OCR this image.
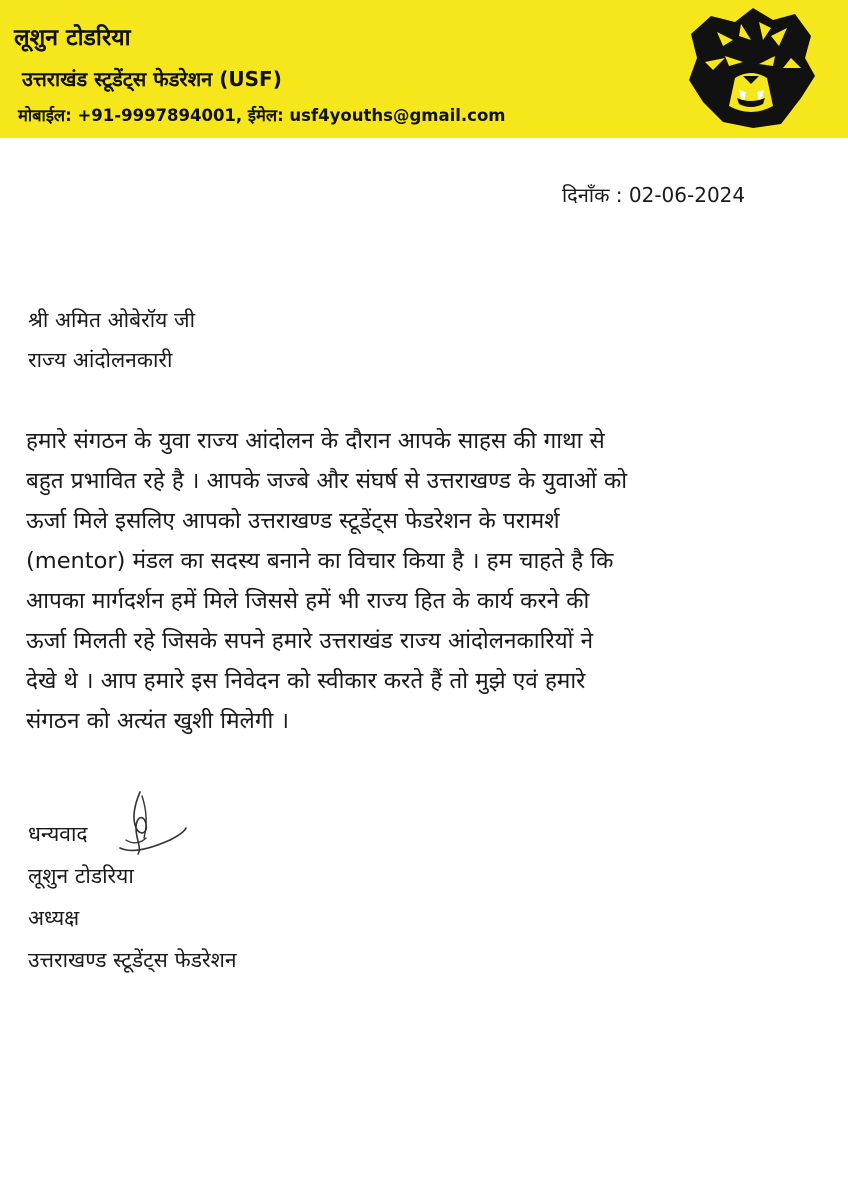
लूशुन टोडरिया
उत्तराखंड स्टूडेंट्स फेडरेशन (USF)
मोबाईल: +91-9997894001, ईमेल: usf4youths@gmail.com
दिनाँक : 02-06-2024
श्री अमित ओबेरॉय जी
राज्य आंदोलनकारी

हमारे संगठन के युवा राज्य आंदोलन के दौरान आपके साहस की गाथा से
बहुत प्रभावित रहे है । आपके जज्बे और संघर्ष से उत्तराखण्ड के युवाओं को
ऊर्जा मिले इसलिए आपको उत्तराखण्ड स्टूडेंट्स फेडरेशन के परामर्श
(mentor) मंडल का सदस्य बनाने का विचार किया है । हम चाहते है कि
आपका मार्गदर्शन हमें मिले जिससे हमें भी राज्य हित के कार्य करने की
ऊर्जा मिलती रहे जिसके सपने हमारे उत्तराखंड राज्य आंदोलनकारियों ने
देखे थे । आप हमारे इस निवेदन को स्वीकार करते हैं तो मुझे एवं हमारे
संगठन को अत्यंत खुशी मिलेगी ।

धन्यवाद
लूशुन टोडरिया
अध्यक्ष
उत्तराखण्ड स्टूडेंट्स फेडरेशन
